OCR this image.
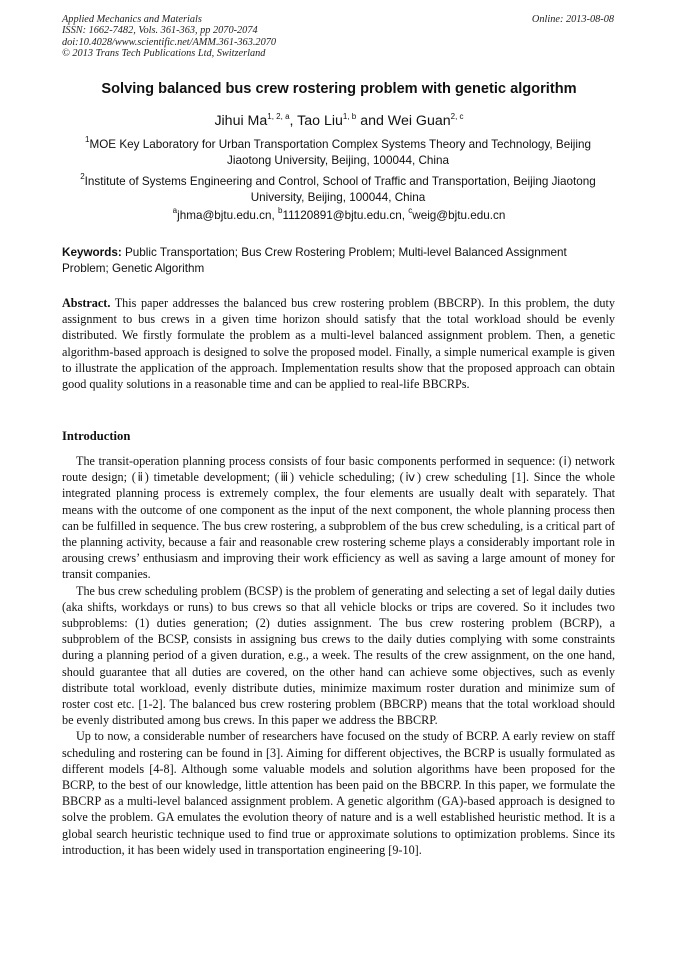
Applied Mechanics and Materials
ISSN: 1662-7482, Vols. 361-363, pp 2070-2074
doi:10.4028/www.scientific.net/AMM.361-363.2070
© 2013 Trans Tech Publications Ltd, Switzerland
Online: 2013-08-08
Solving balanced bus crew rostering problem with genetic algorithm
Jihui Ma$^{1, 2, a}$, Tao Liu$^{1, b}$ and Wei Guan$^{2, c}$
$^1$MOE Key Laboratory for Urban Transportation Complex Systems Theory and Technology, Beijing Jiaotong University, Beijing, 100044, China
$^2$Institute of Systems Engineering and Control, School of Traffic and Transportation, Beijing Jiaotong University, Beijing, 100044, China
$^a$jhma@bjtu.edu.cn, $^b$11120891@bjtu.edu.cn, $^c$weig@bjtu.edu.cn
Keywords: Public Transportation; Bus Crew Rostering Problem; Multi-level Balanced Assignment Problem; Genetic Algorithm

Abstract. This paper addresses the balanced bus crew rostering problem (BBCRP). In this problem, the duty assignment to bus crews in a given time horizon should satisfy that the total workload should be evenly distributed. We firstly formulate the problem as a multi-level balanced assignment problem. Then, a genetic algorithm-based approach is designed to solve the proposed model. Finally, a simple numerical example is given to illustrate the application of the approach. Implementation results show that the proposed approach can obtain good quality solutions in a reasonable time and can be applied to real-life BBCRPs.

Introduction

The transit-operation planning process consists of four basic components performed in sequence: (ⅰ) network route design; (ⅱ) timetable development; (ⅲ) vehicle scheduling; (ⅳ) crew scheduling [1]. Since the whole integrated planning process is extremely complex, the four elements are usually dealt with separately. That means with the outcome of one component as the input of the next component, the whole planning process then can be fulfilled in sequence. The bus crew rostering, a subproblem of the bus crew scheduling, is a critical part of the planning activity, because a fair and reasonable crew rostering scheme plays a considerably important role in arousing crews’ enthusiasm and improving their work efficiency as well as saving a large amount of money for transit companies.

The bus crew scheduling problem (BCSP) is the problem of generating and selecting a set of legal daily duties (aka shifts, workdays or runs) to bus crews so that all vehicle blocks or trips are covered. So it includes two subproblems: (1) duties generation; (2) duties assignment. The bus crew rostering problem (BCRP), a subproblem of the BCSP, consists in assigning bus crews to the daily duties complying with some constraints during a planning period of a given duration, e.g., a week. The results of the crew assignment, on the one hand, should guarantee that all duties are covered, on the other hand can achieve some objectives, such as evenly distribute total workload, evenly distribute duties, minimize maximum roster duration and minimize sum of roster cost etc. [1-2]. The balanced bus crew rostering problem (BBCRP) means that the total workload should be evenly distributed among bus crews. In this paper we address the BBCRP.

Up to now, a considerable number of researchers have focused on the study of BCRP. A early review on staff scheduling and rostering can be found in [3]. Aiming for different objectives, the BCRP is usually formulated as different models [4-8]. Although some valuable models and solution algorithms have been proposed for the BCRP, to the best of our knowledge, little attention has been paid on the BBCRP. In this paper, we formulate the BBCRP as a multi-level balanced assignment problem. A genetic algorithm (GA)-based approach is designed to solve the problem. GA emulates the evolution theory of nature and is a well established heuristic method. It is a global search heuristic technique used to find true or approximate solutions to optimization problems. Since its introduction, it has been widely used in transportation engineering [9-10].
